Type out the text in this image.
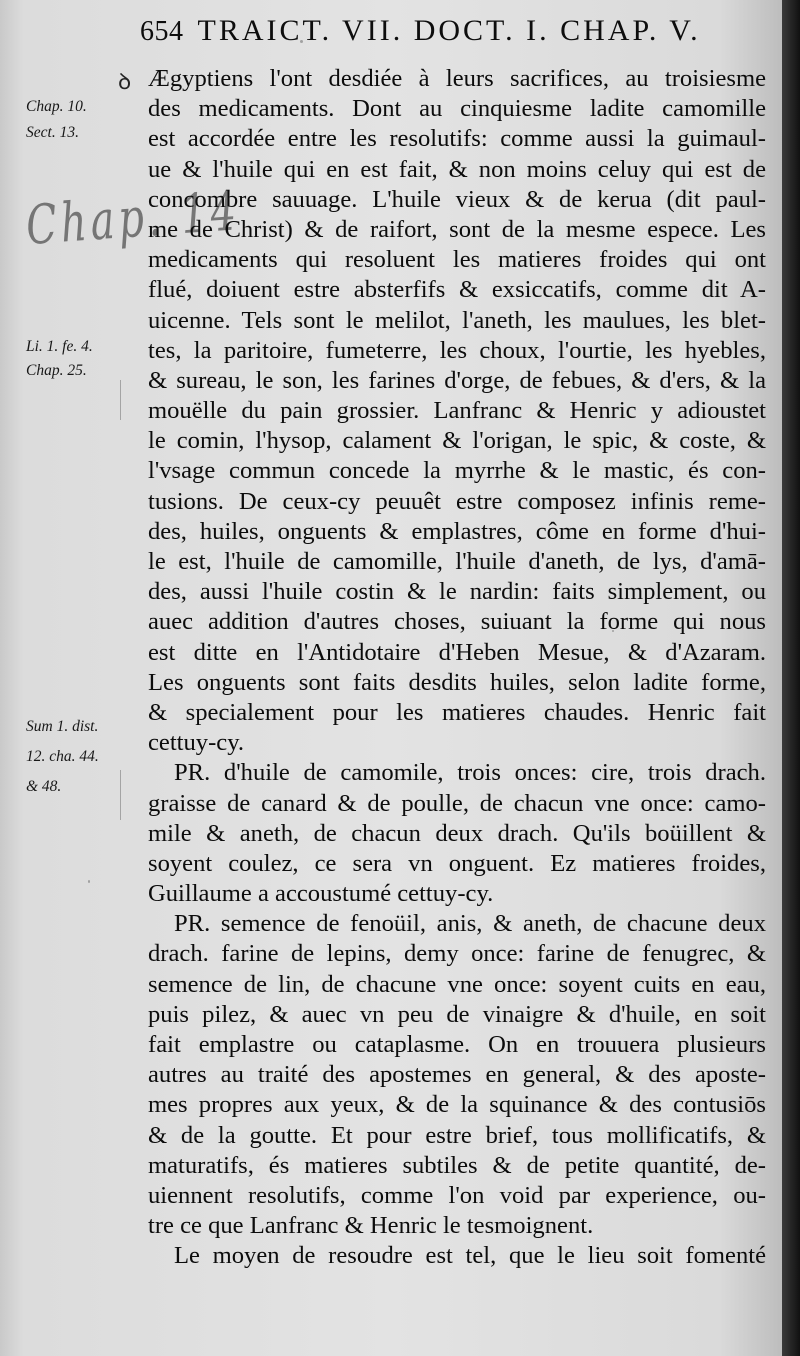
654 TRAICT. VII. DOCT. I. CHAP. V.
ꝺ
Chap. 10.
Sect. 13.
Chap. 14
Li. 1. fe. 4.
Chap. 25.
Sum 1. dist.
12. cha. 44.
& 48.
Ægyptiens l'ont desdiée à leurs sacrifices, au troisiesme
des medicaments. Dont au cinquiesme ladite camomille
est accordée entre les resolutifs: comme aussi la guimaul-
ue & l'huile qui en est fait, & non moins celuy qui est de
concombre sauuage. L'huile vieux & de kerua (dit paul-
me de Christ) & de raifort, sont de la mesme espece. Les
medicaments qui resoluent les matieres froides qui ont
flué, doiuent estre absterfifs & exsiccatifs, comme dit A-
uicenne. Tels sont le melilot, l'aneth, les maulues, les blet-
tes, la paritoire, fumeterre, les choux, l'ourtie, les hyebles,
& sureau, le son, les farines d'orge, de febues, & d'ers, & la
mouëlle du pain grossier. Lanfranc & Henric y adioustet
le comin, l'hysop, calament & l'origan, le spic, & coste, &
l'vsage commun concede la myrrhe & le mastic, és con-
tusions. De ceux-cy peuuêt estre composez infinis reme-
des, huiles, onguents & emplastres, côme en forme d'hui-
le est, l'huile de camomille, l'huile d'aneth, de lys, d'amā-
des, aussi l'huile costin & le nardin: faits simplement, ou
auec addition d'autres choses, suiuant la forme qui nous
est ditte en l'Antidotaire d'Heben Mesue, & d'Azaram.
Les onguents sont faits desdits huiles, selon ladite forme,
& specialement pour les matieres chaudes. Henric fait
cettuy-cy.
PR. d'huile de camomile, trois onces: cire, trois drach.
graisse de canard & de poulle, de chacun vne once: camo-
mile & aneth, de chacun deux drach. Qu'ils boüillent &
soyent coulez, ce sera vn onguent. Ez matieres froides,
Guillaume a accoustumé cettuy-cy.
PR. semence de fenoüil, anis, & aneth, de chacune deux
drach. farine de lepins, demy once: farine de fenugrec, &
semence de lin, de chacune vne once: soyent cuits en eau,
puis pilez, & auec vn peu de vinaigre & d'huile, en soit
fait emplastre ou cataplasme. On en trouuera plusieurs
autres au traité des apostemes en general, & des aposte-
mes propres aux yeux, & de la squinance & des contusiōs
& de la goutte. Et pour estre brief, tous mollificatifs, &
maturatifs, és matieres subtiles & de petite quantité, de-
uiennent resolutifs, comme l'on void par experience, ou-
tre ce que Lanfranc & Henric le tesmoignent.
Le moyen de resoudre est tel, que le lieu soit fomenté
